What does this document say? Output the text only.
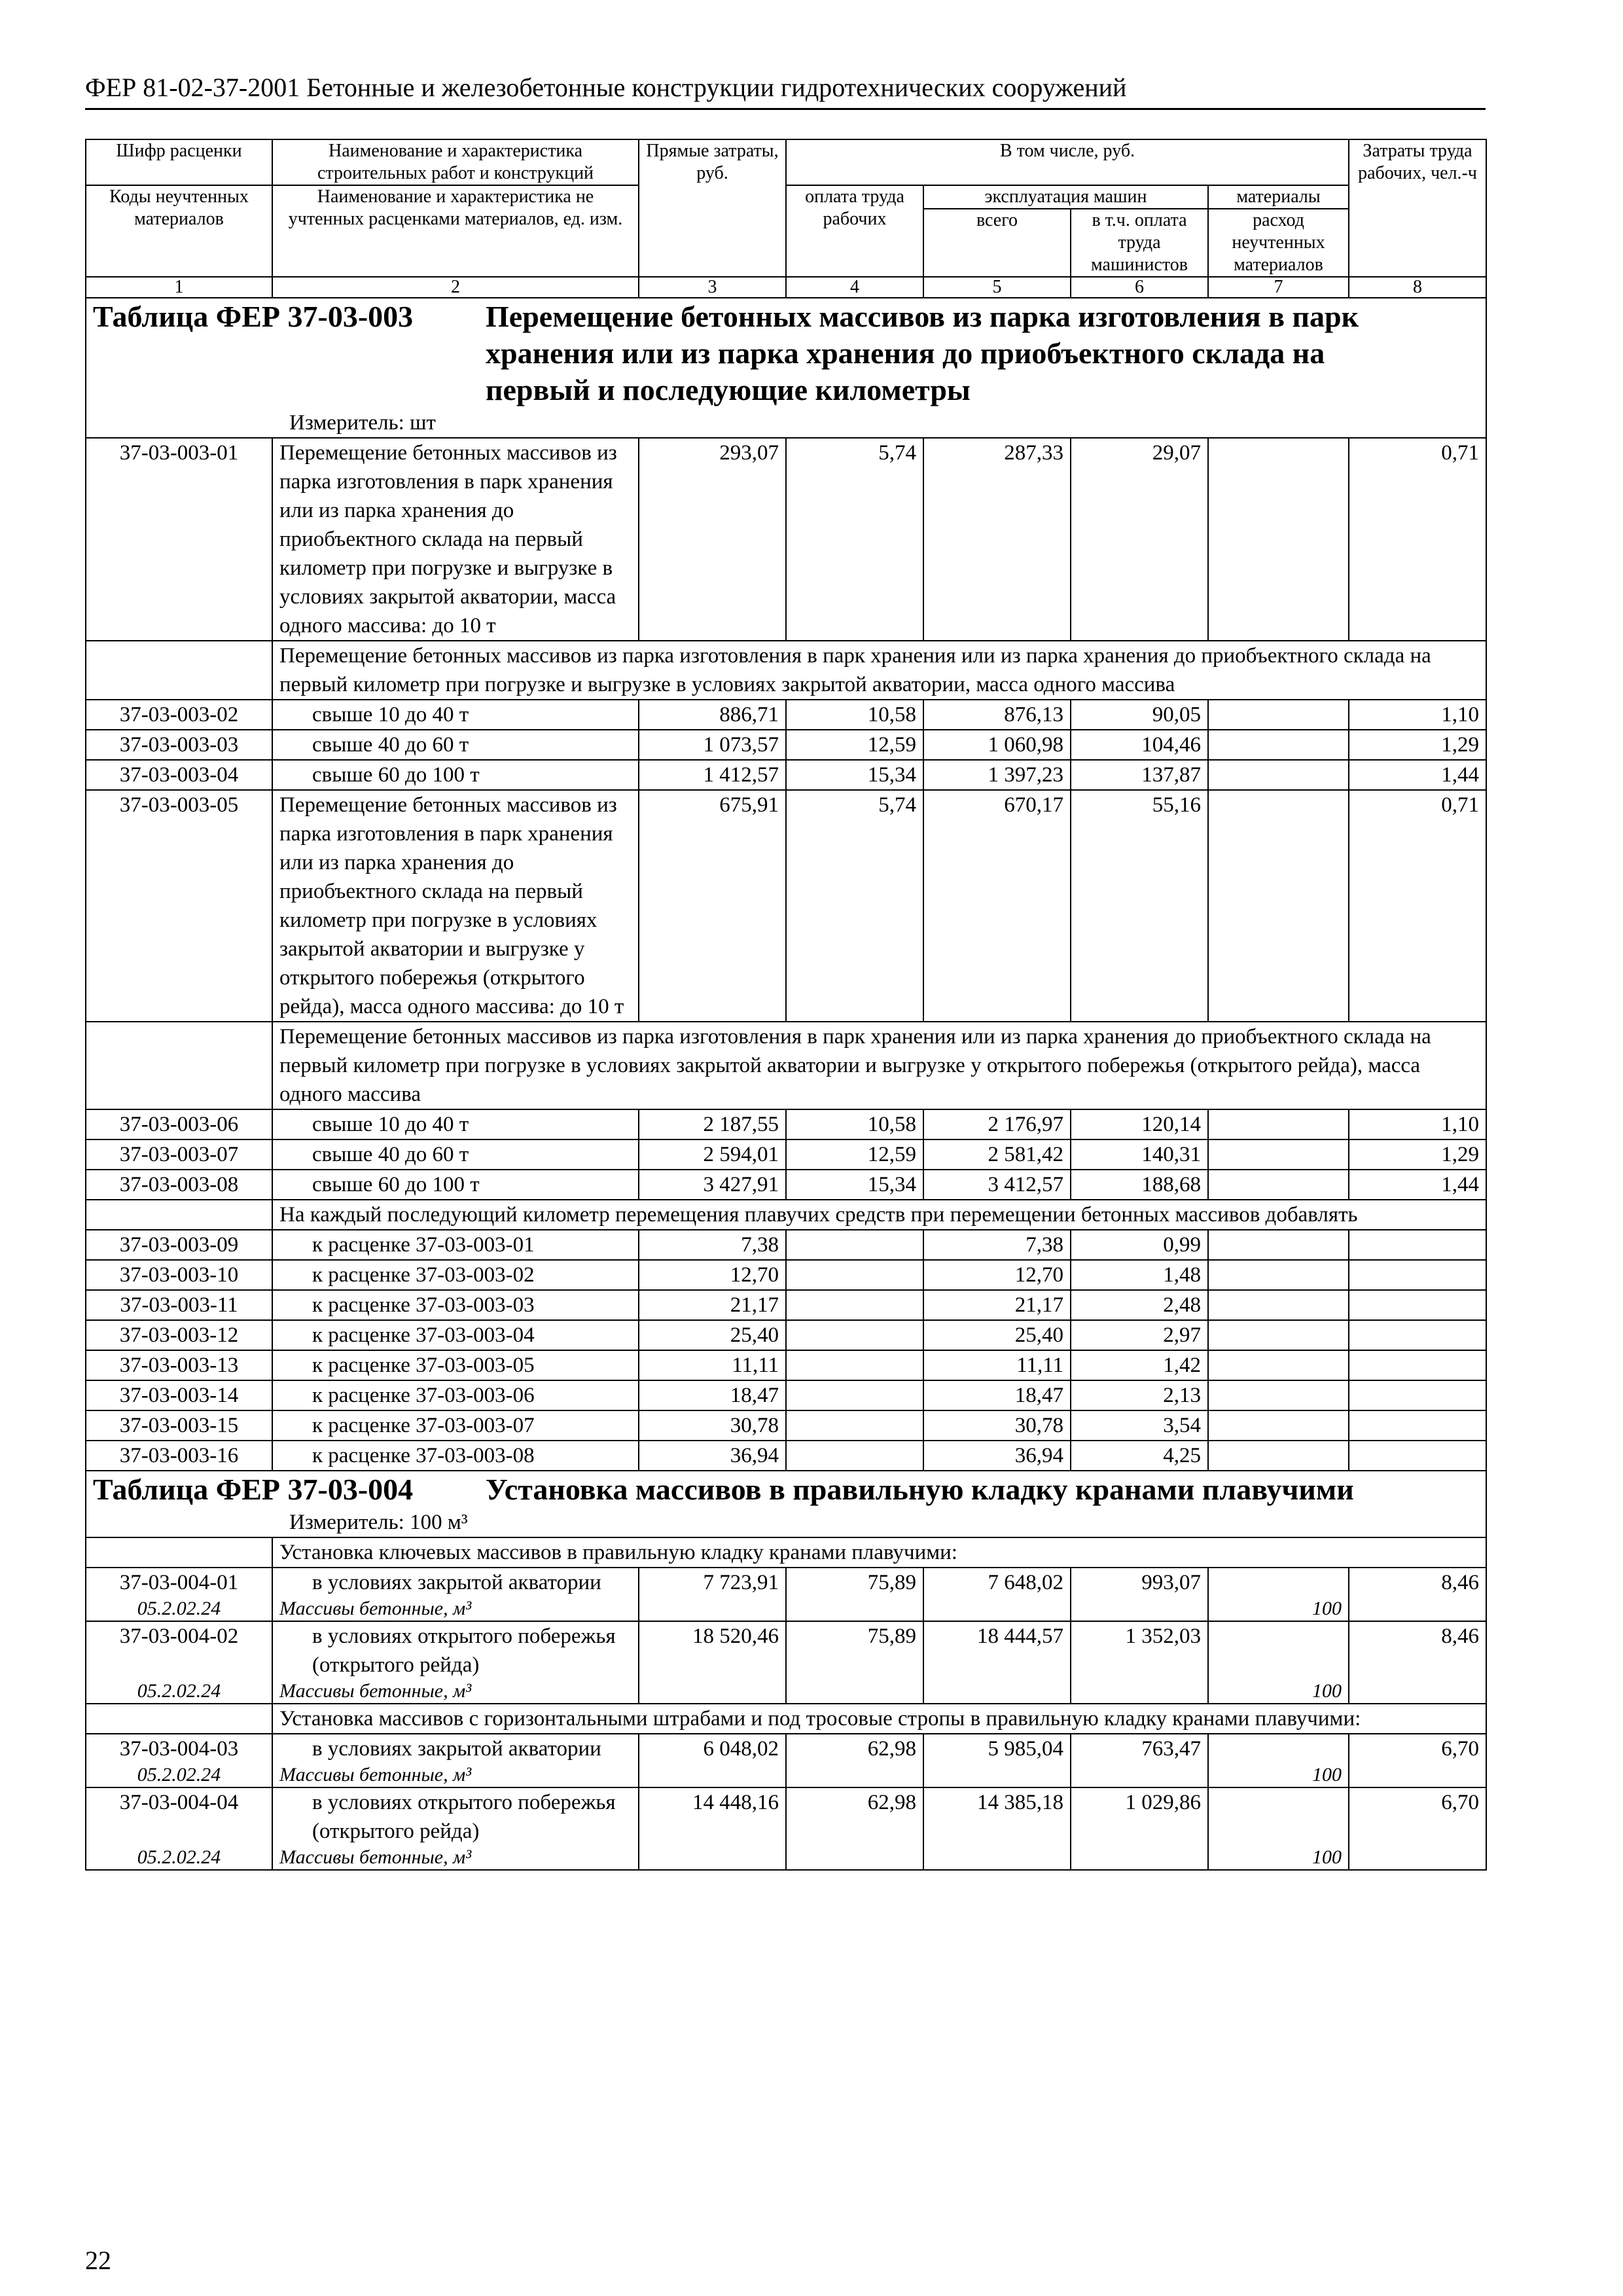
ФЕР 81-02-37-2001 Бетонные и железобетонные конструкции гидротехнических сооружений
Шифр расценки	Наименование и характеристика строительных работ и конструкций	Прямые затраты, руб.	В том числе, руб.				Затраты труда рабочих, чел.-ч
Коды неучтенных материалов	Наименование и характеристика не учтенных расценками материалов, ед. изм.		оплата труда рабочих	эксплуатация машин		материалы	
				всего	в т.ч. оплата труда машинистов	расход неучтенных материалов	
1	2	3	4	5	6	7	8

Таблица ФЕР 37-03-003 Перемещение бетонных массивов из парка изготовления в парк
хранения или из парка хранения до приобъектного склада на
первый и последующие километры
Измеритель: шт							

37-03-003-01	Перемещение бетонных массивов из парка изготовления в парк хранения или из парка хранения до приобъектного склада на первый километр при погрузке и выгрузке в условиях закрытой акватории, масса одного массива: до 10 т	293,07	5,74	287,33	29,07		0,71
	Перемещение бетонных массивов из парка изготовления в парк хранения или из парка хранения до приобъектного склада на первый километр при погрузке и выгрузке в условиях закрытой акватории, масса одного массива						
37-03-003-02	свыше 10 до 40 т	886,71	10,58	876,13	90,05		1,10
37-03-003-03	свыше 40 до 60 т	1 073,57	12,59	1 060,98	104,46		1,29
37-03-003-04	свыше 60 до 100 т	1 412,57	15,34	1 397,23	137,87		1,44
37-03-003-05	Перемещение бетонных массивов из парка изготовления в парк хранения или из парка хранения до приобъектного склада на первый километр при погрузке в условиях закрытой акватории и выгрузке у открытого побережья (открытого рейда), масса одного массива: до 10 т	675,91	5,74	670,17	55,16		0,71
	Перемещение бетонных массивов из парка изготовления в парк хранения или из парка хранения до приобъектного склада на первый километр при погрузке в условиях закрытой акватории и выгрузке у открытого побережья (открытого рейда), масса одного массива						
37-03-003-06	свыше 10 до 40 т	2 187,55	10,58	2 176,97	120,14		1,10
37-03-003-07	свыше 40 до 60 т	2 594,01	12,59	2 581,42	140,31		1,29
37-03-003-08	свыше 60 до 100 т	3 427,91	15,34	3 412,57	188,68		1,44
	На каждый последующий километр перемещения плавучих средств при перемещении бетонных массивов добавлять						
37-03-003-09	к расценке 37-03-003-01	7,38		7,38	0,99		
37-03-003-10	к расценке 37-03-003-02	12,70		12,70	1,48		
37-03-003-11	к расценке 37-03-003-03	21,17		21,17	2,48		
37-03-003-12	к расценке 37-03-003-04	25,40		25,40	2,97		
37-03-003-13	к расценке 37-03-003-05	11,11		11,11	1,42		
37-03-003-14	к расценке 37-03-003-06	18,47		18,47	2,13		
37-03-003-15	к расценке 37-03-003-07	30,78		30,78	3,54		
37-03-003-16	к расценке 37-03-003-08	36,94		36,94	4,25		

Таблица ФЕР 37-03-004 Установка массивов в правильную кладку кранами плавучими
Измеритель: 100 м³							

	Установка ключевых массивов в правильную кладку кранами плавучими:						
37-03-004-01	в условиях закрытой акватории	7 723,91	75,89	7 648,02	993,07		8,46
05.2.02.24	Массивы бетонные, м³					100	
37-03-004-02	в условиях открытого побережья (открытого рейда)	18 520,46	75,89	18 444,57	1 352,03		8,46
05.2.02.24	Массивы бетонные, м³					100	
	Установка массивов с горизонтальными штрабами и под тросовые стропы в правильную кладку кранами плавучими:						
37-03-004-03	в условиях закрытой акватории	6 048,02	62,98	5 985,04	763,47		6,70
05.2.02.24	Массивы бетонные, м³					100	
37-03-004-04	в условиях открытого побережья (открытого рейда)	14 448,16	62,98	14 385,18	1 029,86		6,70
05.2.02.24	Массивы бетонные, м³					100	
22
